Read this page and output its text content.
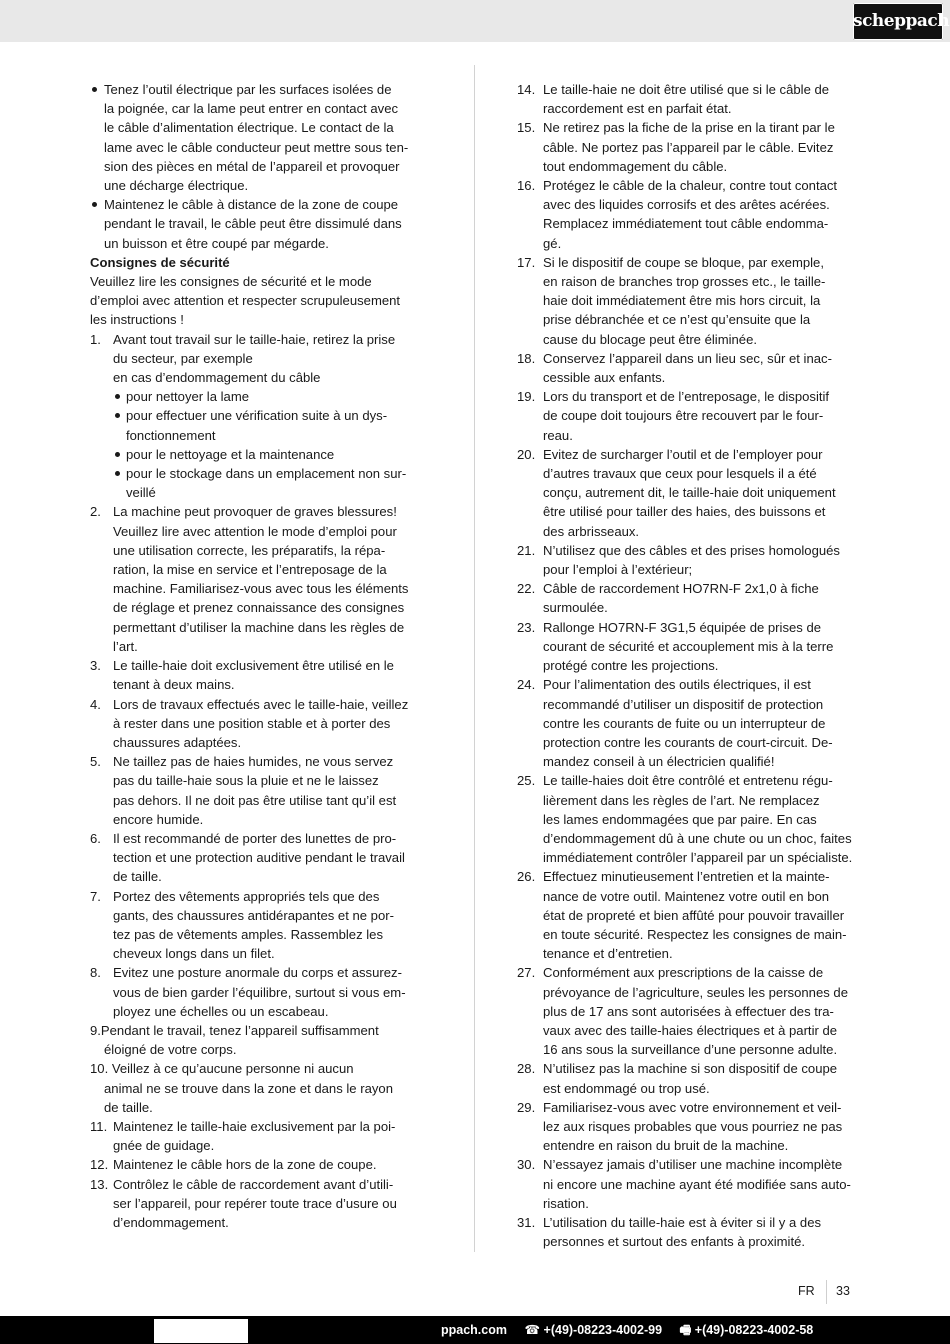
scheppach
Tenez l’outil électrique par les surfaces isolées de
la poignée, car la lame peut entrer en contact avec
le câble d’alimentation électrique. Le contact de la
lame avec le câble conducteur peut mettre sous ten-
sion des pièces en métal de l’appareil et provoquer
une décharge électrique.
Maintenez le câble à distance de la zone de coupe
pendant le travail, le câble peut être dissimulé dans
un buisson et être coupé par mégarde.
Consignes de sécurité
Veuillez lire les consignes de sécurité et le mode
d’emploi avec attention et respecter scrupuleusement
les instructions !
1. Avant tout travail sur le taille-haie, retirez la prise
du secteur, par exemple
en cas d’endommagement du câble
pour nettoyer la lame
pour effectuer une vérification suite à un dys-
fonctionnement
pour le nettoyage et la maintenance
pour le stockage dans un emplacement non sur-
veillé
2. La machine peut provoquer de graves blessures!
Veuillez lire avec attention le mode d’emploi pour
une utilisation correcte, les préparatifs, la répa-
ration, la mise en service et l’entreposage de la
machine. Familiarisez-vous avec tous les éléments
de réglage et prenez connaissance des consignes
permettant d’utiliser la machine dans les règles de
l’art.
3. Le taille-haie doit exclusivement être utilisé en le
tenant à deux mains.
4. Lors de travaux effectués avec le taille-haie, veillez
à rester dans une position stable et à porter des
chaussures adaptées.
5. Ne taillez pas de haies humides, ne vous servez
pas du taille-haie sous la pluie et ne le laissez
pas dehors. Il ne doit pas être utilise tant qu’il est
encore humide.
6. Il est recommandé de porter des lunettes de pro-
tection et une protection auditive pendant le travail
de taille.
7. Portez des vêtements appropriés tels que des
gants, des chaussures antidérapantes et ne por-
tez pas de vêtements amples. Rassemblez les
cheveux longs dans un filet.
8. Evitez une posture anormale du corps et assurez-
vous de bien garder l’équilibre, surtout si vous em-
ployez une échelles ou un escabeau.
9.Pendant le travail, tenez l’appareil suffisamment
éloigné de votre corps.
10. Veillez à ce qu’aucune personne ni aucun
animal ne se trouve dans la zone et dans le rayon
de taille.
11. Maintenez le taille-haie exclusivement par la poi-
gnée de guidage.
12. Maintenez le câble hors de la zone de coupe.
13. Contrôlez le câble de raccordement avant d’utili-
ser l’appareil, pour repérer toute trace d’usure ou
d’endommagement.
14. Le taille-haie ne doit être utilisé que si le câble de
raccordement est en parfait état.
15. Ne retirez pas la fiche de la prise en la tirant par le
câble. Ne portez pas l’appareil par le câble. Evitez
tout endommagement du câble.
16. Protégez le câble de la chaleur, contre tout contact
avec des liquides corrosifs et des arêtes acérées.
Remplacez immédiatement tout câble endomma-
gé.
17. Si le dispositif de coupe se bloque, par exemple,
en raison de branches trop grosses etc., le taille-
haie doit immédiatement être mis hors circuit, la
prise débranchée et ce n’est qu’ensuite que la
cause du blocage peut être éliminée.
18. Conservez l’appareil dans un lieu sec, sûr et inac-
cessible aux enfants.
19. Lors du transport et de l’entreposage, le dispositif
de coupe doit toujours être recouvert par le four-
reau.
20. Evitez de surcharger l’outil et de l’employer pour
d’autres travaux que ceux pour lesquels il a été
conçu, autrement dit, le taille-haie doit uniquement
être utilisé pour tailler des haies, des buissons et
des arbrisseaux.
21. N’utilisez que des câbles et des prises homologués
pour l’emploi à l’extérieur;
22. Câble de raccordement HO7RN-F 2x1,0 à fiche
surmoulée.
23. Rallonge HO7RN-F 3G1,5 équipée de prises de
courant de sécurité et accouplement mis à la terre
protégé contre les projections.
24. Pour l’alimentation des outils électriques, il est
recommandé d’utiliser un dispositif de protection
contre les courants de fuite ou un interrupteur de
protection contre les courants de court-circuit. De-
mandez conseil à un électricien qualifié!
25. Le taille-haies doit être contrôlé et entretenu régu-
lièrement dans les règles de l’art. Ne remplacez
les lames endommagées que par paire. En cas
d’endommagement dû à une chute ou un choc, faites
immédiatement contrôler l’appareil par un spécialiste.
26. Effectuez minutieusement l’entretien et la mainte-
nance de votre outil. Maintenez votre outil en bon
état de propreté et bien affûté pour pouvoir travailler
en toute sécurité. Respectez les consignes de main-
tenance et d’entretien.
27. Conformément aux prescriptions de la caisse de
prévoyance de l’agriculture, seules les personnes de
plus de 17 ans sont autorisées à effectuer des tra-
vaux avec des taille-haies électriques et à partir de
16 ans sous la surveillance d’une personne adulte.
28. N’utilisez pas la machine si son dispositif de coupe
est endommagé ou trop usé.
29. Familiarisez-vous avec votre environnement et veil-
lez aux risques probables que vous pourriez ne pas
entendre en raison du bruit de la machine.
30. N’essayez jamais d’utiliser une machine incomplète
ni encore une machine ayant été modifiée sans auto-
risation.
31. L’utilisation du taille-haie est à éviter si il y a des
personnes et surtout des enfants à proximité.
FR 33
ppach.com ☎ +(49)-08223-4002-99 🖷 +(49)-08223-4002-58
